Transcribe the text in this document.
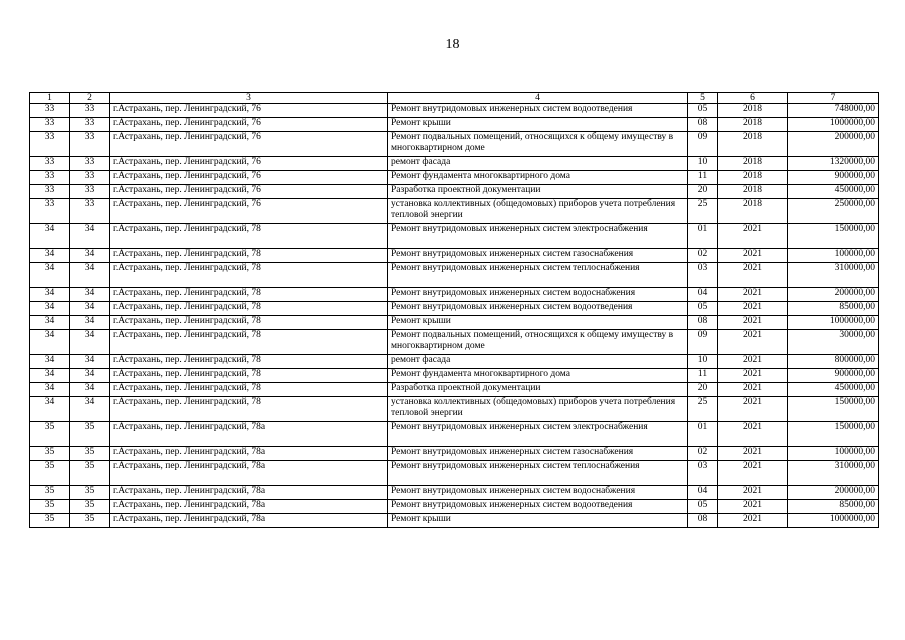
18
1	2	3	4	5	6	7
33	33	г.Астрахань, пер. Ленинградский, 76	Ремонт внутридомовых инженерных систем водоотведения	05	2018	748000,00
33	33	г.Астрахань, пер. Ленинградский, 76	Ремонт крыши	08	2018	1000000,00
33	33	г.Астрахань, пер. Ленинградский, 76	Ремонт подвальных помещений, относящихся к общему имуществу в многоквартирном доме	09	2018	200000,00
33	33	г.Астрахань, пер. Ленинградский, 76	ремонт фасада	10	2018	1320000,00
33	33	г.Астрахань, пер. Ленинградский, 76	Ремонт фундамента многоквартирного дома	11	2018	900000,00
33	33	г.Астрахань, пер. Ленинградский, 76	Разработка проектной документации	20	2018	450000,00
33	33	г.Астрахань, пер. Ленинградский, 76	установка коллективных (общедомовых) приборов учета потребления тепловой энергии	25	2018	250000,00
34	34	г.Астрахань, пер. Ленинградский, 78	Ремонт внутридомовых инженерных систем электроснабжения	01	2021	150000,00
34	34	г.Астрахань, пер. Ленинградский, 78	Ремонт внутридомовых инженерных систем газоснабжения	02	2021	100000,00
34	34	г.Астрахань, пер. Ленинградский, 78	Ремонт внутридомовых инженерных систем теплоснабжения	03	2021	310000,00
34	34	г.Астрахань, пер. Ленинградский, 78	Ремонт внутридомовых инженерных систем водоснабжения	04	2021	200000,00
34	34	г.Астрахань, пер. Ленинградский, 78	Ремонт внутридомовых инженерных систем водоотведения	05	2021	85000,00
34	34	г.Астрахань, пер. Ленинградский, 78	Ремонт крыши	08	2021	1000000,00
34	34	г.Астрахань, пер. Ленинградский, 78	Ремонт подвальных помещений, относящихся к общему имуществу в многоквартирном доме	09	2021	30000,00
34	34	г.Астрахань, пер. Ленинградский, 78	ремонт фасада	10	2021	800000,00
34	34	г.Астрахань, пер. Ленинградский, 78	Ремонт фундамента многоквартирного дома	11	2021	900000,00
34	34	г.Астрахань, пер. Ленинградский, 78	Разработка проектной документации	20	2021	450000,00
34	34	г.Астрахань, пер. Ленинградский, 78	установка коллективных (общедомовых) приборов учета потребления тепловой энергии	25	2021	150000,00
35	35	г.Астрахань, пер. Ленинградский, 78а	Ремонт внутридомовых инженерных систем электроснабжения	01	2021	150000,00
35	35	г.Астрахань, пер. Ленинградский, 78а	Ремонт внутридомовых инженерных систем газоснабжения	02	2021	100000,00
35	35	г.Астрахань, пер. Ленинградский, 78а	Ремонт внутридомовых инженерных систем теплоснабжения	03	2021	310000,00
35	35	г.Астрахань, пер. Ленинградский, 78а	Ремонт внутридомовых инженерных систем водоснабжения	04	2021	200000,00
35	35	г.Астрахань, пер. Ленинградский, 78а	Ремонт внутридомовых инженерных систем водоотведения	05	2021	85000,00
35	35	г.Астрахань, пер. Ленинградский, 78а	Ремонт крыши	08	2021	1000000,00
